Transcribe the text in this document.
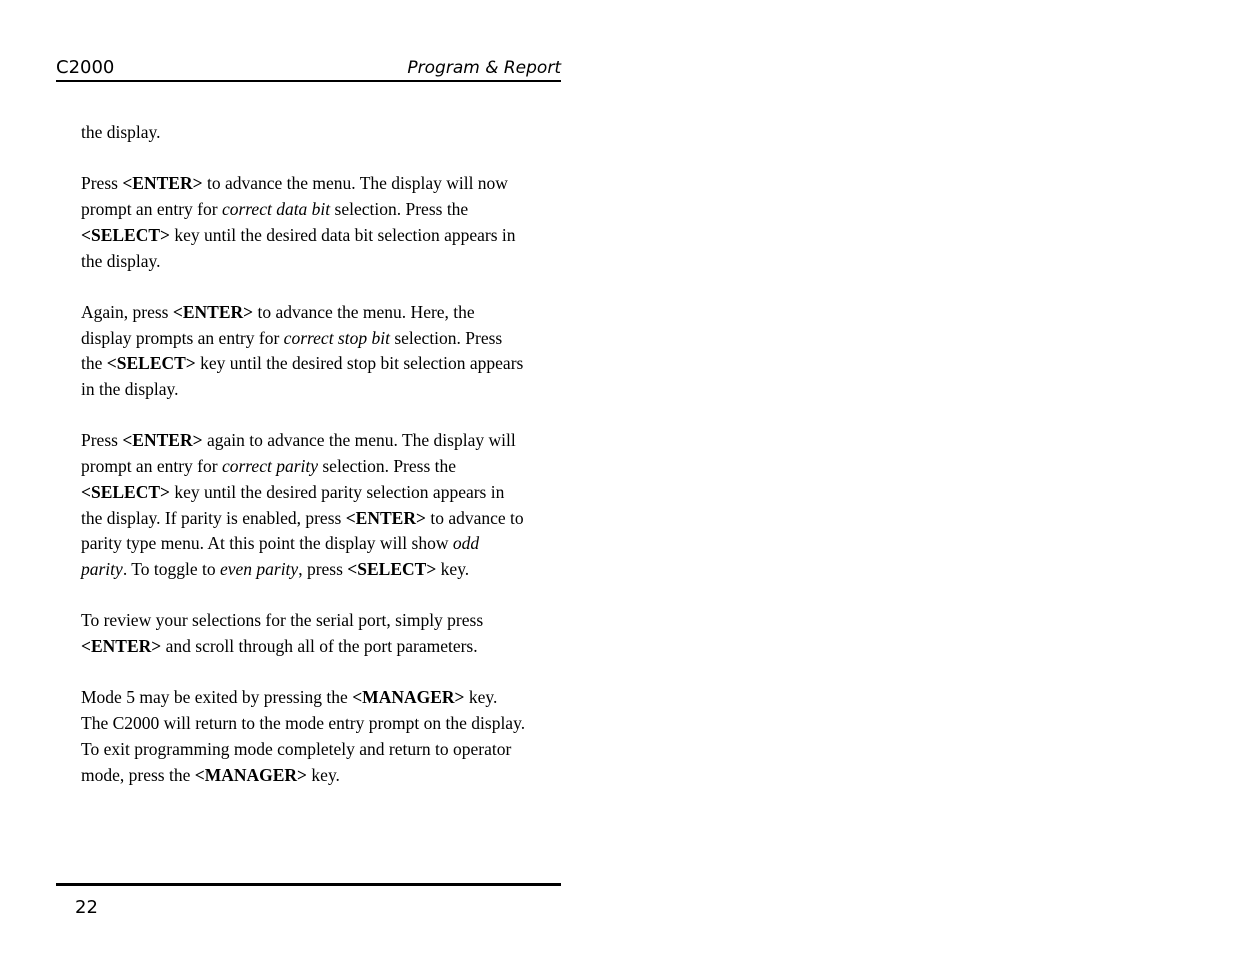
C2000	Program & Report

the display.

Press <ENTER> to advance the menu. The display will now
prompt an entry for correct data bit selection. Press the
<SELECT> key until the desired data bit selection appears in
the display.

Again, press <ENTER> to advance the menu. Here, the
display prompts an entry for correct stop bit selection. Press
the <SELECT> key until the desired stop bit selection appears
in the display.

Press <ENTER> again to advance the menu. The display will
prompt an entry for correct parity selection. Press the
<SELECT> key until the desired parity selection appears in
the display. If parity is enabled, press <ENTER> to advance to
parity type menu. At this point the display will show odd
parity. To toggle to even parity, press <SELECT> key.

To review your selections for the serial port, simply press
<ENTER> and scroll through all of the port parameters.

Mode 5 may be exited by pressing the <MANAGER> key.
The C2000 will return to the mode entry prompt on the display.
To exit programming mode completely and return to operator
mode, press the <MANAGER> key.

22
